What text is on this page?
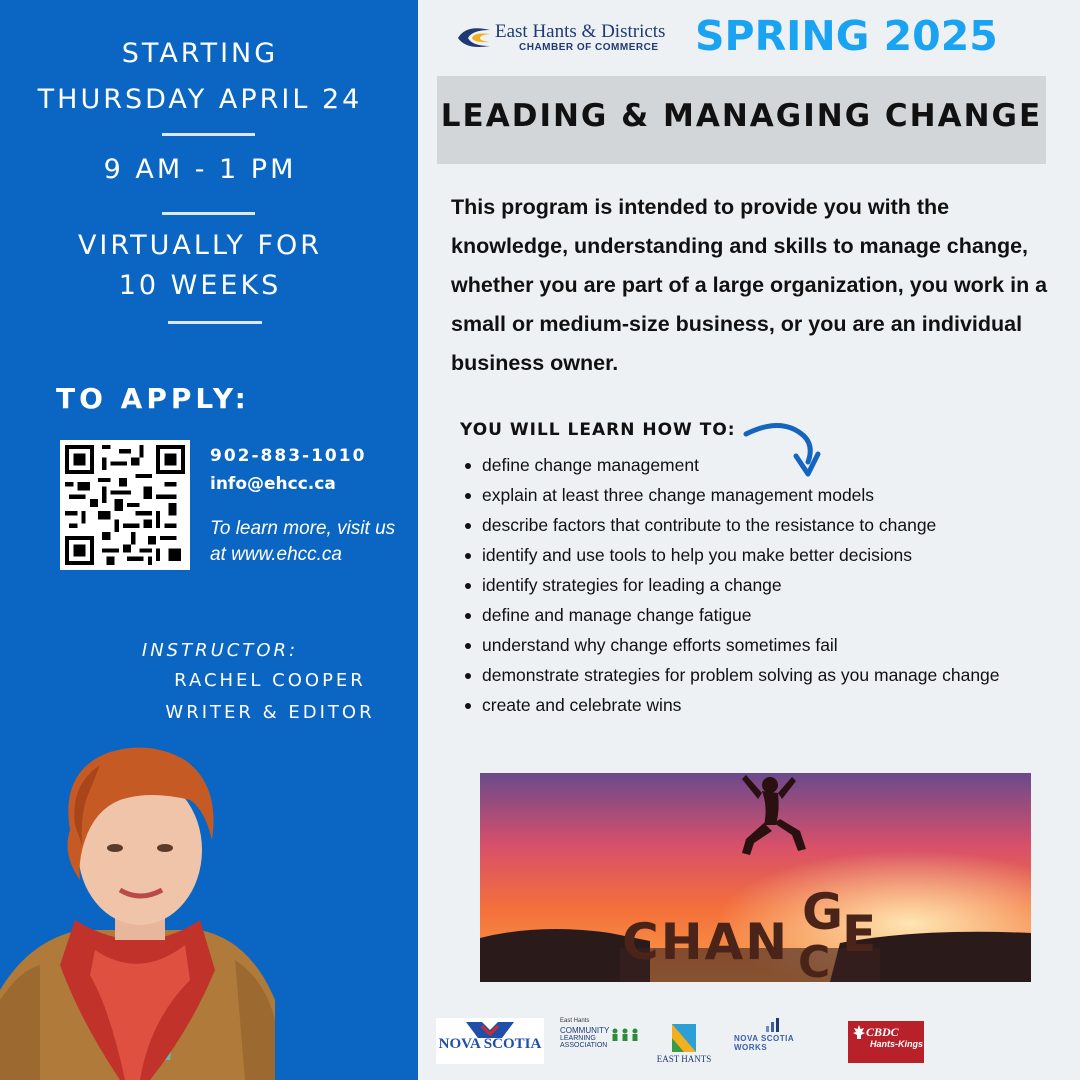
STARTING
THURSDAY APRIL 24
9 AM - 1 PM
VIRTUALLY FOR
10 WEEKS
TO APPLY:
902-883-1010
info@ehcc.ca
To learn more, visit us
at www.ehcc.ca
INSTRUCTOR:
RACHEL COOPER
WRITER & EDITOR
East Hants & Districts
CHAMBER OF COMMERCE SPRING 2025
LEADING & MANAGING CHANGE
This program is intended to provide you with the knowledge, understanding and skills to manage change, whether you are part of a large organization, you work in a small or medium-size business, or you are an individual business owner.
YOU WILL LEARN HOW TO:
define change management
explain at least three change management models
describe factors that contribute to the resistance to change
identify and use tools to help you make better decisions
identify strategies for leading a change
define and manage change fatigue
understand why change efforts sometimes fail
demonstrate strategies for problem solving as you manage change
create and celebrate wins
CHAN
G
E
C
NOVA SCOTIA
East Hants
COMMUNITY
LEARNING ASSOCIATION
EAST HANTS
NOVA SCOTIA WORKS
CBDC
Hants-Kings
